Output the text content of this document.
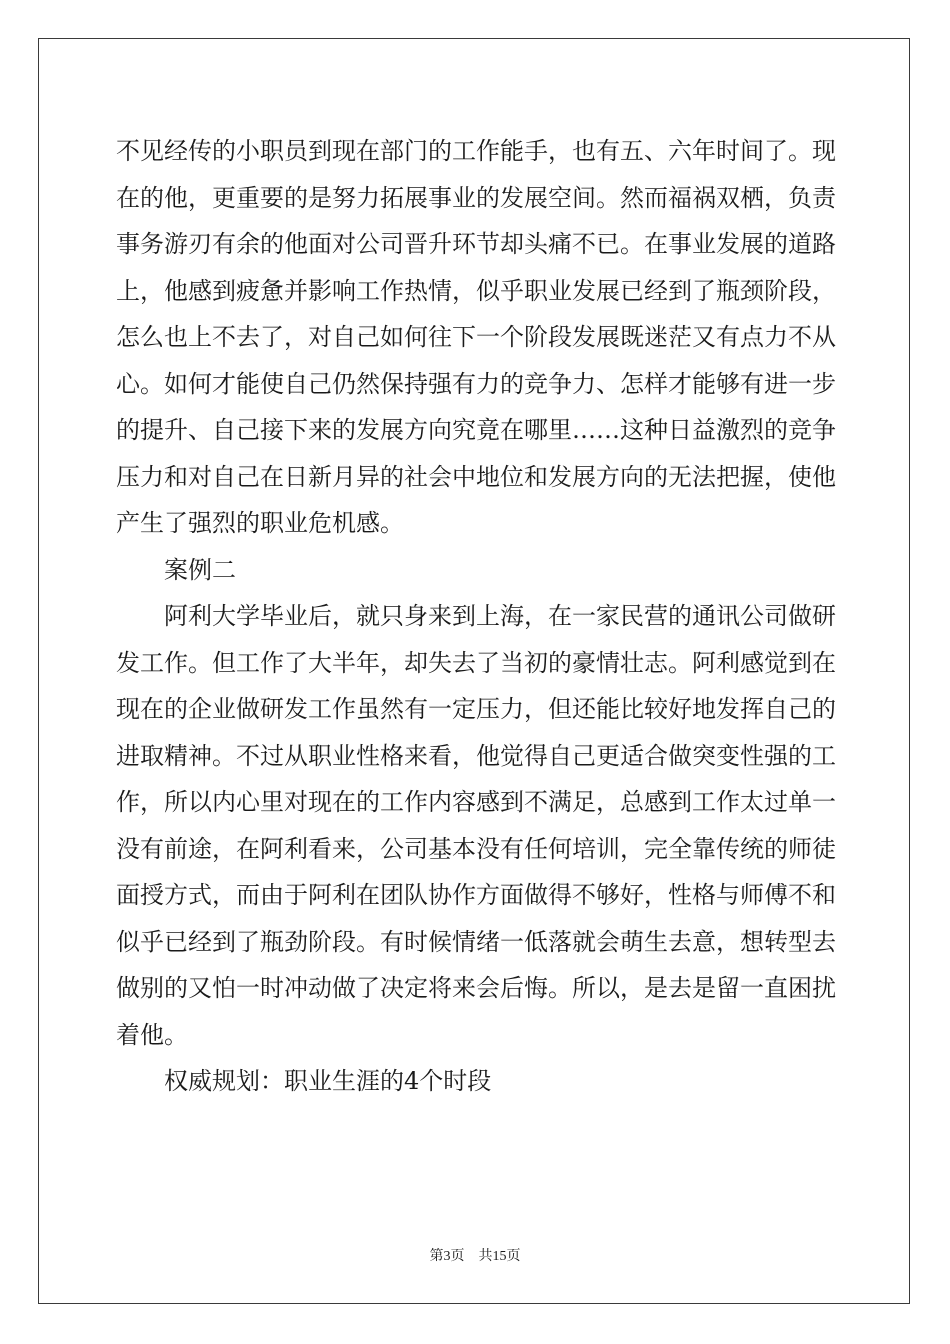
不见经传的小职员到现在部门的工作能手，也有五、六年时间了。现在的他，更重要的是努力拓展事业的发展空间。然而福祸双栖，负责事务游刃有余的他面对公司晋升环节却头痛不已。在事业发展的道路上，他感到疲惫并影响工作热情，似乎职业发展已经到了瓶颈阶段，怎么也上不去了，对自己如何往下一个阶段发展既迷茫又有点力不从心。如何才能使自己仍然保持强有力的竞争力、怎样才能够有进一步的提升、自己接下来的发展方向究竟在哪里……这种日益激烈的竞争压力和对自己在日新月异的社会中地位和发展方向的无法把握，使他产生了强烈的职业危机感。

案例二

阿利大学毕业后，就只身来到上海，在一家民营的通讯公司做研发工作。但工作了大半年，却失去了当初的豪情壮志。阿利感觉到在现在的企业做研发工作虽然有一定压力，但还能比较好地发挥自己的进取精神。不过从职业性格来看，他觉得自己更适合做突变性强的工作，所以内心里对现在的工作内容感到不满足，总感到工作太过单一没有前途，在阿利看来，公司基本没有任何培训，完全靠传统的师徒面授方式，而由于阿利在团队协作方面做得不够好，性格与师傅不和似乎已经到了瓶劲阶段。有时候情绪一低落就会萌生去意，想转型去做别的又怕一时冲动做了决定将来会后悔。所以，是去是留一直困扰着他。

权威规划：职业生涯的4个时段

第3页　共15页
